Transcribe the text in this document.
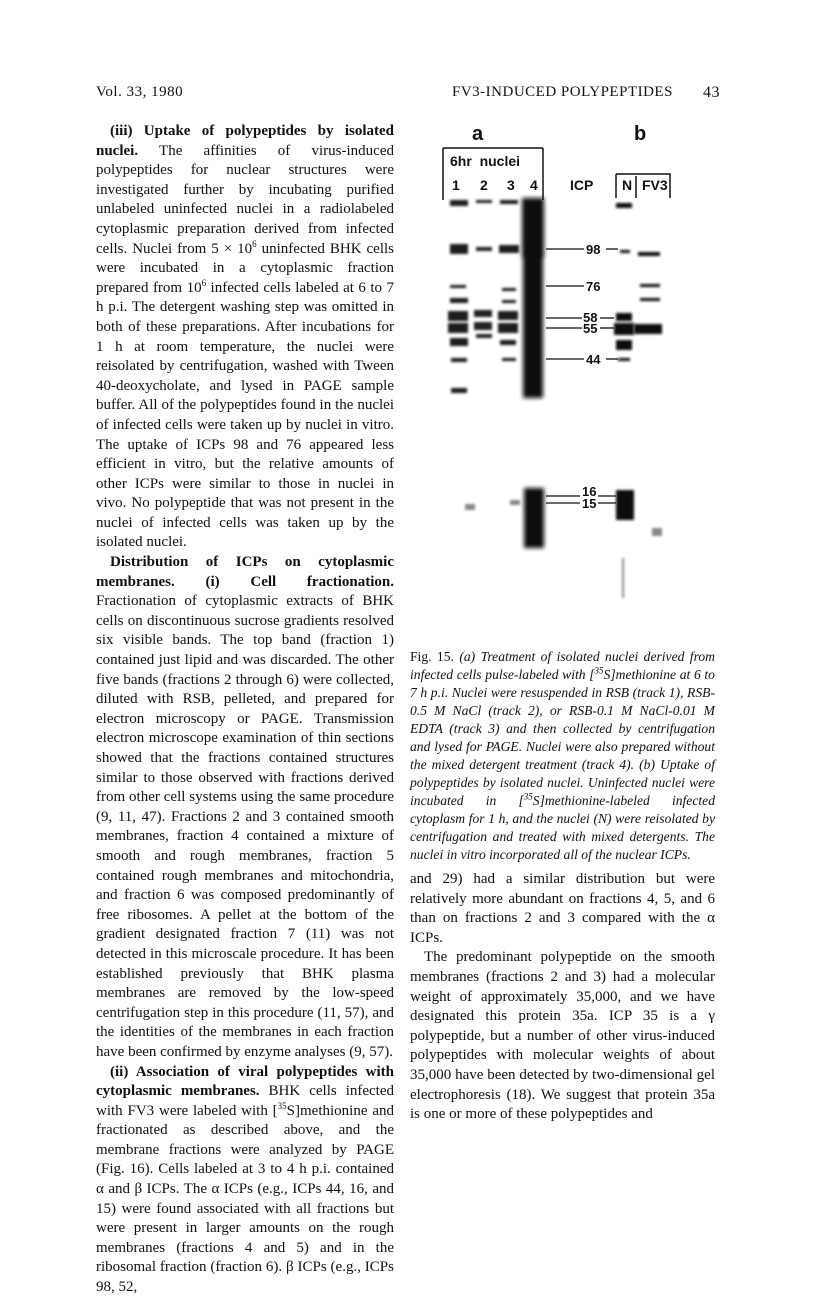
Vol. 33, 1980	FV3-INDUCED POLYPEPTIDES 43

(iii) Uptake of polypeptides by isolated nuclei. The affinities of virus-induced polypeptides for nuclear structures were investigated further by incubating purified unlabeled uninfected nuclei in a radiolabeled cytoplasmic preparation derived from infected cells. Nuclei from $5 \times 10^6$ uninfected BHK cells were incubated in a cytoplasmic fraction prepared from $10^6$ infected cells labeled at 6 to 7 h p.i. The detergent washing step was omitted in both of these preparations. After incubations for 1 h at room temperature, the nuclei were reisolated by centrifugation, washed with Tween 40-deoxycholate, and lysed in PAGE sample buffer. All of the polypeptides found in the nuclei of infected cells were taken up by nuclei in vitro. The uptake of ICPs 98 and 76 appeared less efficient in vitro, but the relative amounts of other ICPs were similar to those in nuclei in vivo. No polypeptide that was not present in the nuclei of infected cells was taken up by the isolated nuclei.

Distribution of ICPs on cytoplasmic membranes. (i) Cell fractionation. Fractionation of cytoplasmic extracts of BHK cells on discontinuous sucrose gradients resolved six visible bands. The top band (fraction 1) contained just lipid and was discarded. The other five bands (fractions 2 through 6) were collected, diluted with RSB, pelleted, and prepared for electron microscopy or PAGE. Transmission electron microscope examination of thin sections showed that the fractions contained structures similar to those observed with fractions derived from other cell systems using the same procedure (9, 11, 47). Fractions 2 and 3 contained smooth membranes, fraction 4 contained a mixture of smooth and rough membranes, fraction 5 contained rough membranes and mitochondria, and fraction 6 was composed predominantly of free ribosomes. A pellet at the bottom of the gradient designated fraction 7 (11) was not detected in this microscale procedure. It has been established previously that BHK plasma membranes are removed by the low-speed centrifugation step in this procedure (11, 57), and the identities of the membranes in each fraction have been confirmed by enzyme analyses (9, 57).

(ii) Association of viral polypeptides with cytoplasmic membranes. BHK cells infected with FV3 were labeled with [$^{35}$S]methionine and fractionated as described above, and the membrane fractions were analyzed by PAGE (Fig. 16). Cells labeled at 3 to 4 h p.i. contained α and β ICPs. The α ICPs (e.g., ICPs 44, 16, and 15) were found associated with all fractions but were present in larger amounts on the rough membranes (fractions 4 and 5) and in the ribosomal fraction (fraction 6). β ICPs (e.g., ICPs 98, 52,

a	b
6hr  nuclei
1 2 3 4 ICP N FV3
98
76
58
55
44
16
15
Fig. 15. (a) Treatment of isolated nuclei derived from infected cells pulse-labeled with [$^{35}$S]methionine at 6 to 7 h p.i. Nuclei were resuspended in RSB (track 1), RSB-0.5 M NaCl (track 2), or RSB-0.1 M NaCl-0.01 M EDTA (track 3) and then collected by centrifugation and lysed for PAGE. Nuclei were also prepared without the mixed detergent treatment (track 4). (b) Uptake of polypeptides by isolated nuclei. Uninfected nuclei were incubated in [$^{35}$S]methionine-labeled infected cytoplasm for 1 h, and the nuclei (N) were reisolated by centrifugation and treated with mixed detergents. The nuclei in vitro incorporated all of the nuclear ICPs.

and 29) had a similar distribution but were relatively more abundant on fractions 4, 5, and 6 than on fractions 2 and 3 compared with the α ICPs.

The predominant polypeptide on the smooth membranes (fractions 2 and 3) had a molecular weight of approximately 35,000, and we have designated this protein 35a. ICP 35 is a γ polypeptide, but a number of other virus-induced polypeptides with molecular weights of about 35,000 have been detected by two-dimensional gel electrophoresis (18). We suggest that protein 35a is one or more of these polypeptides and
